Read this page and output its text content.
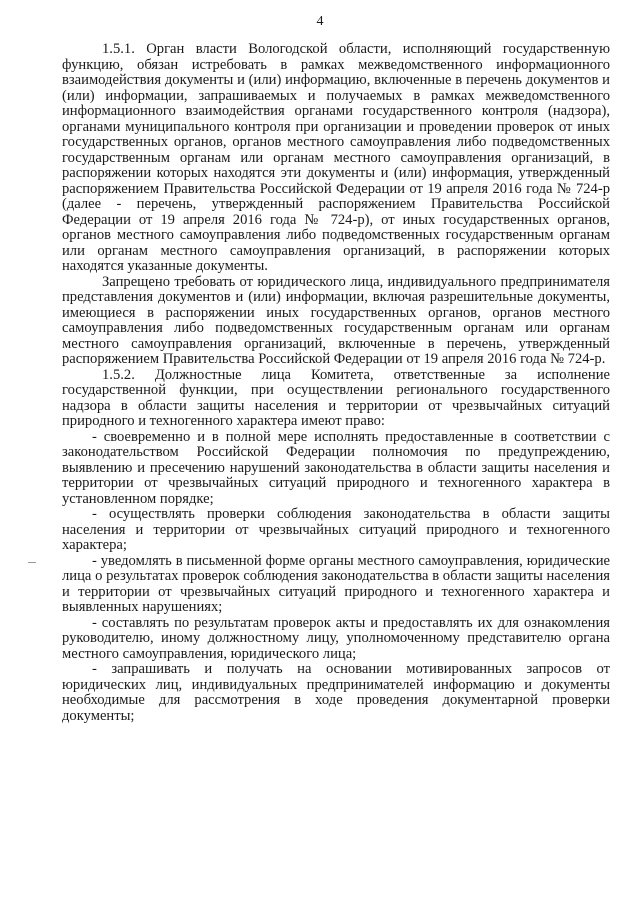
4

1.5.1. Орган власти Вологодской области, исполняющий государственную функцию, обязан истребовать в рамках межведомственного информационного взаимодействия документы и (или) информацию, включенные в перечень документов и (или) информации, запрашиваемых и получаемых в рамках межведомственного информационного взаимодействия органами государственного контроля (надзора), органами муниципального контроля при организации и проведении проверок от иных государственных органов, органов местного самоуправления либо подведомственных государственным органам или органам местного самоуправления организаций, в распоряжении которых находятся эти документы и (или) информация, утвержденный распоряжением Правительства Российской Федерации от 19 апреля 2016 года № 724-р (далее - перечень, утвержденный распоряжением Правительства Российской Федерации от 19 апреля 2016 года № 724-р), от иных государственных органов, органов местного самоуправления либо подведомственных государственным органам или органам местного самоуправления организаций, в распоряжении которых находятся указанные документы.

Запрещено требовать от юридического лица, индивидуального предпринимателя представления документов и (или) информации, включая разрешительные документы, имеющиеся в распоряжении иных государственных органов, органов местного самоуправления либо подведомственных государственным органам или органам местного самоуправления организаций, включенные в перечень, утвержденный распоряжением Правительства Российской Федерации от 19 апреля 2016 года № 724-р.

1.5.2. Должностные лица Комитета, ответственные за исполнение государственной функции, при осуществлении регионального государственного надзора в области защиты населения и территории от чрезвычайных ситуаций природного и техногенного характера имеют право:

- своевременно и в полной мере исполнять предоставленные в соответствии с законодательством Российской Федерации полномочия по предупреждению, выявлению и пресечению нарушений законодательства в области защиты населения и территории от чрезвычайных ситуаций природного и техногенного характера в установленном порядке;

- осуществлять проверки соблюдения законодательства в области защиты населения и территории от чрезвычайных ситуаций природного и техногенного характера;

- уведомлять в письменной форме органы местного самоуправления, юридические лица о результатах проверок соблюдения законодательства в области защиты населения и территории от чрезвычайных ситуаций природного и техногенного характера и выявленных нарушениях;

- составлять по результатам проверок акты и предоставлять их для ознакомления руководителю, иному должностному лицу, уполномоченному представителю органа местного самоуправления, юридического лица;

- запрашивать и получать на основании мотивированных запросов от юридических лиц, индивидуальных предпринимателей информацию и документы необходимые для рассмотрения в ходе проведения документарной проверки документы;
